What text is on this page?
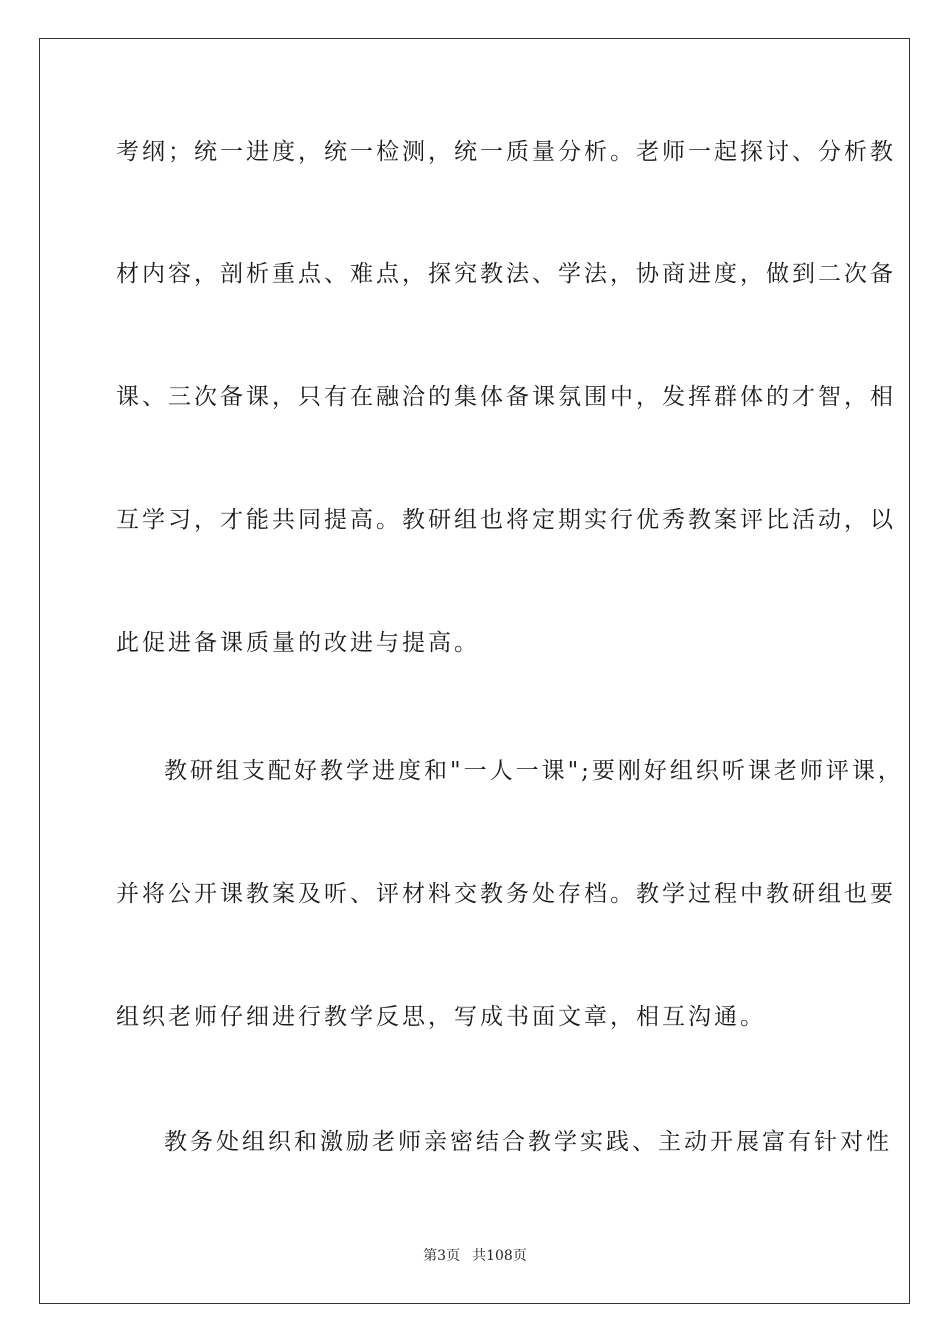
考纲；统一进度，统一检测，统一质量分析。老师一起探讨、分析教

材内容，剖析重点、难点，探究教法、学法，协商进度，做到二次备

课、三次备课，只有在融洽的集体备课氛围中，发挥群体的才智，相

互学习，才能共同提高。教研组也将定期实行优秀教案评比活动，以

此促进备课质量的改进与提高。

教研组支配好教学进度和"一人一课";要刚好组织听课老师评课，

并将公开课教案及听、评材料交教务处存档。教学过程中教研组也要

组织老师仔细进行教学反思，写成书面文章，相互沟通。

教务处组织和激励老师亲密结合教学实践、主动开展富有针对性

第3页 共108页
